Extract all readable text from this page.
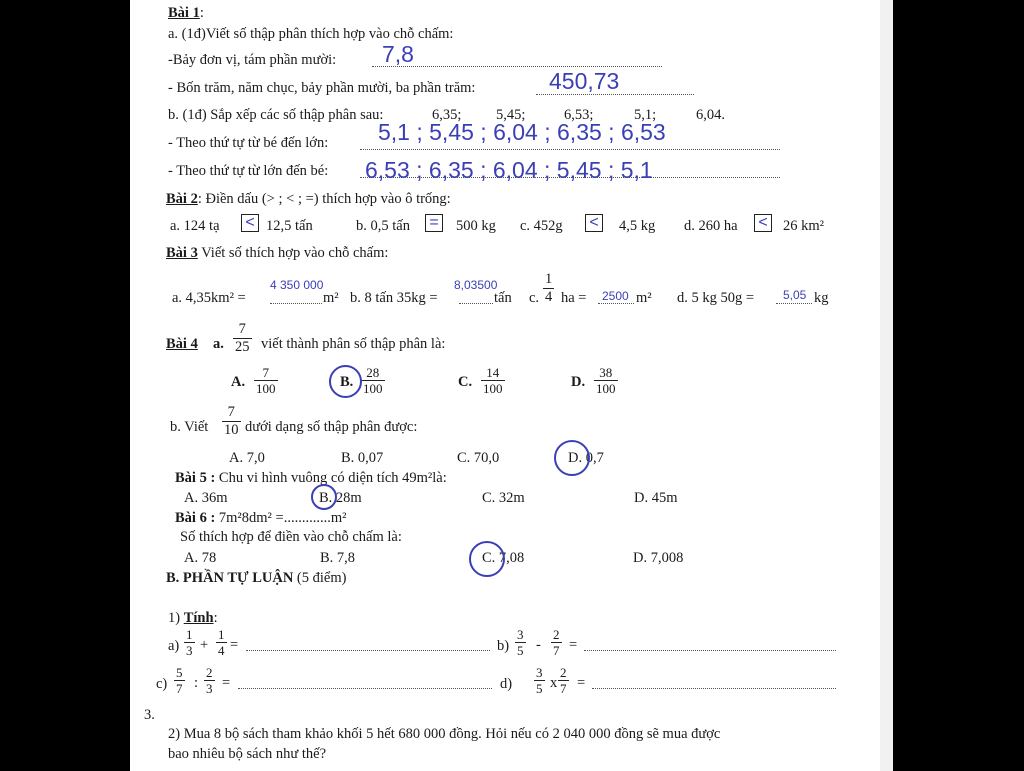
Bài 1:
a. (1đ)Viết số thập phân thích hợp vào chỗ chấm:
-Bảy đơn vị, tám phần mười: 7,8
- Bốn trăm, năm chục, bảy phần mười, ba phần trăm:	450,73
b. (1đ) Sắp xếp các số thập phân sau:	6,35; 5,45;	6,53;	5,1;	6,04.
- Theo thứ tự từ bé đến lớn: 5,1 ; 5,45 ; 6,04 ; 6,35 ; 6,53
- Theo thứ tự từ lớn đến bé: 6,53 ; 6,35 ; 6,04 ; 5,45 ; 5,1
Bài 2: Điền dấu (> ; < ; =) thích hợp vào ô trống:
a. 124 tạ < 12,5 tấn	b. 0,5 tấn = 500 kg c. 452g < 4,5 kg d. 260 ha < 26 km²
Bài 3 Viết số thích hợp vào chỗ chấm:
a. 4,35km² =	m²
4 350 000
b. 8 tấn 35kg =	tấn
8,03500
c. $\frac{1}{4}$ ha =	m²
2500	d. 5 kg 50g =	kg
5,05
Bài 4 a. $\frac{7}{25}$ viết thành phân số thập phân là:
A. $\frac{7}{100}$	B. $\frac{28}{100}$	C. $\frac{14}{100}$	D. $\frac{38}{100}$
b. Viết $\frac{7}{10}$ dưới dạng số thập phân được:
A. 7,0	B. 0,07	C. 70,0	D. 0,7
Bài 5 : Chu vi hình vuông có diện tích 49m²là:
A. 36m	B. 28m	C. 32m	D. 45m
Bài 6 : 7m²8dm² =.............m²
Số thích hợp để điền vào chỗ chấm là:
A. 78	B. 7,8	C. 7,08	D. 7,008
B. PHẦN TỰ LUẬN (5 điểm)
1) Tính:
$a) \frac{1}{3} + \frac{1}{4}$ =	$b) \frac{3}{5} - \frac{2}{7}$ =
$c) \frac{5}{7}$ : $\frac{2}{3}$ =	$d) \frac{3}{5}$ x $\frac{2}{7}$ =
3.
2) Mua 8 bộ sách tham khảo khối 5 hết 680 000 đồng. Hỏi nếu có 2 040 000 đồng sẽ mua được
bao nhiêu bộ sách như thế?
